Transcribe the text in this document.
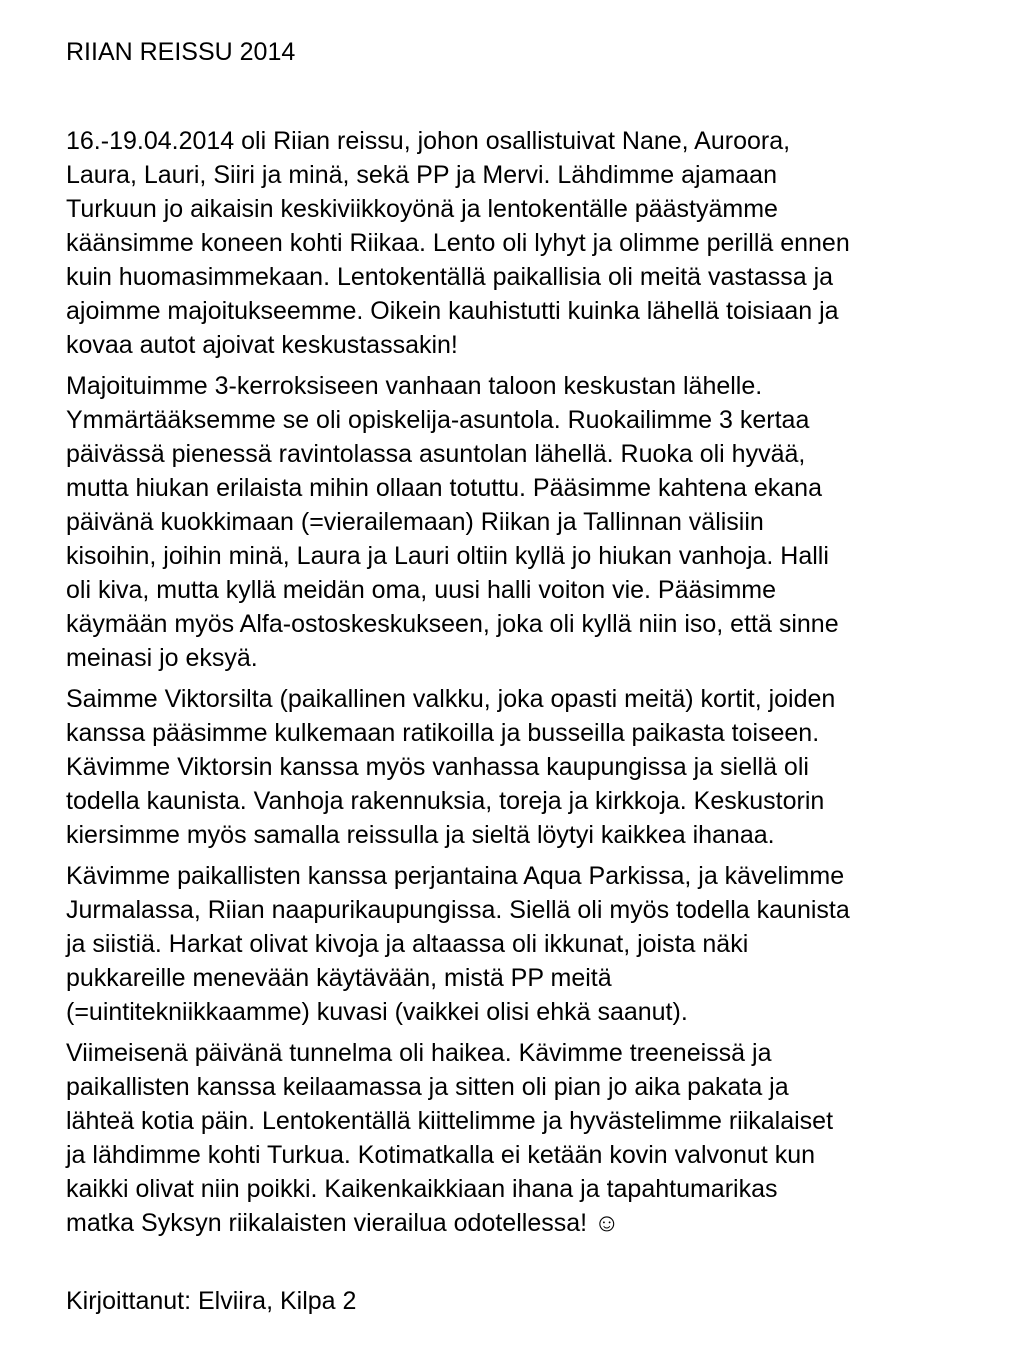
RIIAN REISSU 2014
16.-19.04.2014 oli Riian reissu, johon osallistuivat Nane, Auroora,
Laura, Lauri, Siiri ja minä, sekä PP ja Mervi. Lähdimme ajamaan
Turkuun jo aikaisin keskiviikkoyönä ja lentokentälle päästyämme
käänsimme koneen kohti Riikaa. Lento oli lyhyt ja olimme perillä ennen
kuin huomasimmekaan. Lentokentällä paikallisia oli meitä vastassa ja
ajoimme majoitukseemme. Oikein kauhistutti kuinka lähellä toisiaan ja
kovaa autot ajoivat keskustassakin!
Majoituimme 3-kerroksiseen vanhaan taloon keskustan lähelle.
Ymmärtääksemme se oli opiskelija-asuntola. Ruokailimme 3 kertaa
päivässä pienessä ravintolassa asuntolan lähellä. Ruoka oli hyvää,
mutta hiukan erilaista mihin ollaan totuttu. Pääsimme kahtena ekana
päivänä kuokkimaan (=vierailemaan) Riikan ja Tallinnan välisiin
kisoihin, joihin minä, Laura ja Lauri oltiin kyllä jo hiukan vanhoja. Halli
oli kiva, mutta kyllä meidän oma, uusi halli voiton vie. Pääsimme
käymään myös Alfa-ostoskeskukseen, joka oli kyllä niin iso, että sinne
meinasi jo eksyä.
Saimme Viktorsilta (paikallinen valkku, joka opasti meitä) kortit, joiden
kanssa pääsimme kulkemaan ratikoilla ja busseilla paikasta toiseen.
Kävimme Viktorsin kanssa myös vanhassa kaupungissa ja siellä oli
todella kaunista. Vanhoja rakennuksia, toreja ja kirkkoja. Keskustorin
kiersimme myös samalla reissulla ja sieltä löytyi kaikkea ihanaa.
Kävimme paikallisten kanssa perjantaina Aqua Parkissa, ja kävelimme
Jurmalassa, Riian naapurikaupungissa. Siellä oli myös todella kaunista
ja siistiä. Harkat olivat kivoja ja altaassa oli ikkunat, joista näki
pukkareille menevään käytävään, mistä PP meitä
(=uintitekniikkaamme) kuvasi (vaikkei olisi ehkä saanut).
Viimeisenä päivänä tunnelma oli haikea. Kävimme treeneissä ja
paikallisten kanssa keilaamassa ja sitten oli pian jo aika pakata ja
lähteä kotia päin. Lentokentällä kiittelimme ja hyvästelimme riikalaiset
ja lähdimme kohti Turkua. Kotimatkalla ei ketään kovin valvonut kun
kaikki olivat niin poikki. Kaikenkaikkiaan ihana ja tapahtumarikas
matka Syksyn riikalaisten vierailua odotellessa! ☺
Kirjoittanut: Elviira, Kilpa 2
